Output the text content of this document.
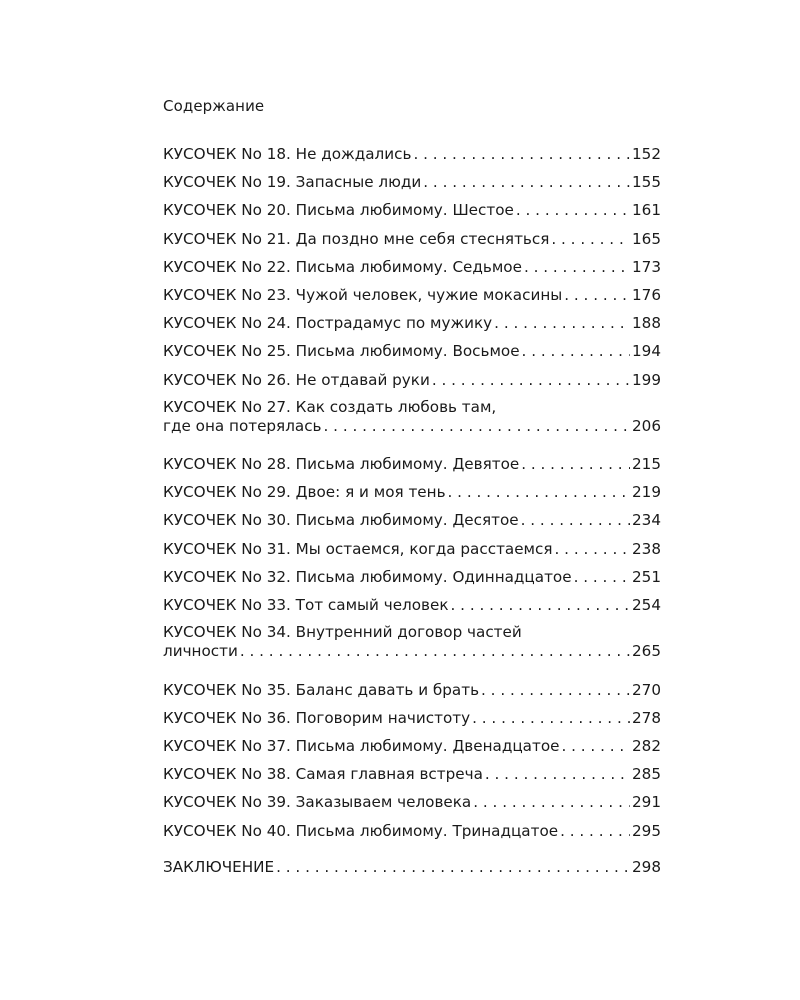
Содержание
КУСОЧЕК No 18. Не дождались . . .	152
КУСОЧЕК No 19. Запасные люди . . .	155
КУСОЧЕК No 20. Письма любимому. Шестое . . .	161
КУСОЧЕК No 21. Да поздно мне себя стесняться . . .	165
КУСОЧЕК No 22. Письма любимому. Седьмое . . .	173
КУСОЧЕК No 23. Чужой человек, чужие мокасины . . .	176
КУСОЧЕК No 24. Пострадамус по мужику . . .	188
КУСОЧЕК No 25. Письма любимому. Восьмое . . .	194
КУСОЧЕК No 26. Не отдавай руки . . .	199
КУСОЧЕК No 27. Как создать любовь там,
где она потерялась . . .	206
КУСОЧЕК No 28. Письма любимому. Девятое . . .	215
КУСОЧЕК No 29. Двое: я и моя тень . . .	219
КУСОЧЕК No 30. Письма любимому. Десятое . . .	234
КУСОЧЕК No 31. Мы остаемся, когда расстаемся . . .	238
КУСОЧЕК No 32. Письма любимому. Одиннадцатое . . .	251
КУСОЧЕК No 33. Тот самый человек . . .	254
КУСОЧЕК No 34. Внутренний договор частей
личности . . .	265
КУСОЧЕК No 35. Баланс давать и брать . . .	270
КУСОЧЕК No 36. Поговорим начистоту . . .	278
КУСОЧЕК No 37. Письма любимому. Двенадцатое . . .	282
КУСОЧЕК No 38. Самая главная встреча . . .	285
КУСОЧЕК No 39. Заказываем человека . . .	291
КУСОЧЕК No 40. Письма любимому. Тринадцатое . . .	295
ЗАКЛЮЧЕНИЕ . . .	298
